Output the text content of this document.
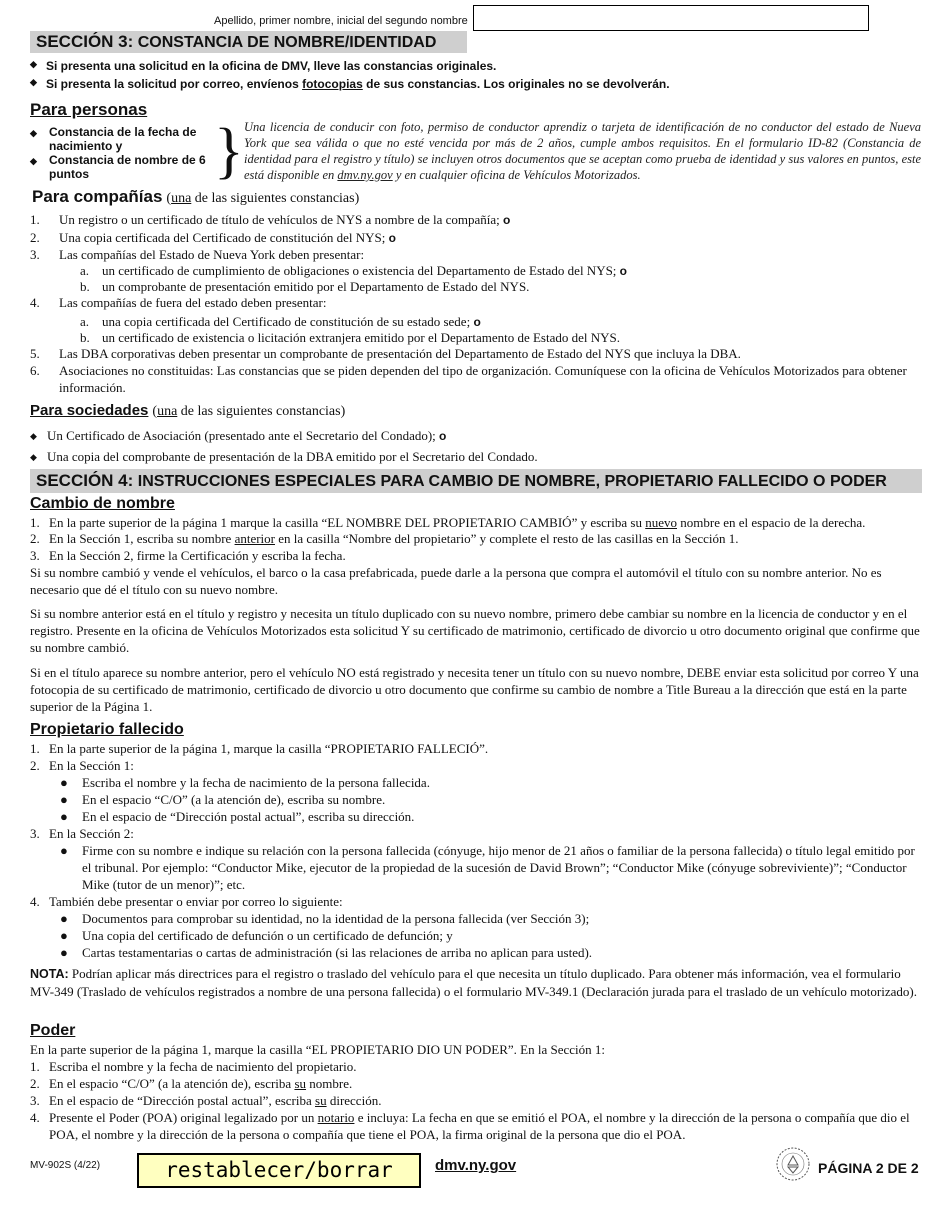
Apellido, primer nombre, inicial del segundo nombre
SECCIÓN 3: CONSTANCIA DE NOMBRE/IDENTIDAD
◆ Si presenta una solicitud en la oficina de DMV, lleve las constancias originales.
◆ Si presenta la solicitud por correo, envíenos fotocopias de sus constancias. Los originales no se devolverán.
Para personas
◆	Constancia de la fecha de nacimiento y
◆	Constancia de nombre de 6 puntos	} Una licencia de conducir con foto, permiso de conductor aprendiz o tarjeta de identificación de no conductor del estado de Nueva York que sea válida o que no esté vencida por más de 2 años, cumple ambos requisitos. En el formulario ID-82 (Constancia de identidad para el registro y título) se incluyen otros documentos que se aceptan como prueba de identidad y sus valores en puntos, este está disponible en dmv.ny.gov y en cualquier oficina de Vehículos Motorizados.
Para compañías (una de las siguientes constancias)
1.	Un registro o un certificado de título de vehículos de NYS a nombre de la compañía; o
2.	Una copia certificada del Certificado de constitución del NYS; o
3.	Las compañías del Estado de Nueva York deben presentar:
a. un certificado de cumplimiento de obligaciones o existencia del Departamento de Estado del NYS; o
b. un comprobante de presentación emitido por el Departamento de Estado del NYS.
4.	Las compañías de fuera del estado deben presentar:
a. una copia certificada del Certificado de constitución de su estado sede; o
b. un certificado de existencia o licitación extranjera emitido por el Departamento de Estado del NYS.
5.	Las DBA corporativas deben presentar un comprobante de presentación del Departamento de Estado del NYS que incluya la DBA.
6.	Asociaciones no constituidas: Las constancias que se piden dependen del tipo de organización. Comuníquese con la oficina de Vehículos Motorizados para obtener información.
Para sociedades (una de las siguientes constancias)
◆ Un Certificado de Asociación (presentado ante el Secretario del Condado); o
◆ Una copia del comprobante de presentación de la DBA emitido por el Secretario del Condado.
SECCIÓN 4: INSTRUCCIONES ESPECIALES PARA CAMBIO DE NOMBRE, PROPIETARIO FALLECIDO O PODER
Cambio de nombre
1. En la parte superior de la página 1 marque la casilla “EL NOMBRE DEL PROPIETARIO CAMBIÓ” y escriba su nuevo nombre en el espacio de la derecha.
2. En la Sección 1, escriba su nombre anterior en la casilla “Nombre del propietario” y complete el resto de las casillas en la Sección 1.
3. En la Sección 2, firme la Certificación y escriba la fecha.
Si su nombre cambió y vende el vehículos, el barco o la casa prefabricada, puede darle a la persona que compra el automóvil el título con su nombre anterior. No es necesario que dé el título con su nuevo nombre.
Si su nombre anterior está en el título y registro y necesita un título duplicado con su nuevo nombre, primero debe cambiar su nombre en la licencia de conductor y en el registro. Presente en la oficina de Vehículos Motorizados esta solicitud Y su certificado de matrimonio, certificado de divorcio u otro documento original que confirme que su nombre cambió.
Si en el título aparece su nombre anterior, pero el vehículo NO está registrado y necesita tener un título con su nuevo nombre, DEBE enviar esta solicitud por correo Y una fotocopia de su certificado de matrimonio, certificado de divorcio u otro documento que confirme su cambio de nombre a Title Bureau a la dirección que está en la parte superior de la Página 1.
Propietario fallecido
1. En la parte superior de la página 1, marque la casilla “PROPIETARIO FALLECIÓ”.
2. En la Sección 1:
●	Escriba el nombre y la fecha de nacimiento de la persona fallecida.
●	En el espacio “C/O” (a la atención de), escriba su nombre.
●	En el espacio de “Dirección postal actual”, escriba su dirección.
3. En la Sección 2:
●	Firme con su nombre e indique su relación con la persona fallecida (cónyuge, hijo menor de 21 años o familiar de la persona fallecida) o título legal emitido por el tribunal. Por ejemplo: “Conductor Mike, ejecutor de la propiedad de la sucesión de David Brown”; “Conductor Mike (cónyuge sobreviviente)”; “Conductor Mike (tutor de un menor)”; etc.
4. También debe presentar o enviar por correo lo siguiente:
●	Documentos para comprobar su identidad, no la identidad de la persona fallecida (ver Sección 3);
●	Una copia del certificado de defunción o un certificado de defunción; y
●	Cartas testamentarias o cartas de administración (si las relaciones de arriba no aplican para usted).
NOTA: Podrían aplicar más directrices para el registro o traslado del vehículo para el que necesita un título duplicado. Para obtener más información, vea el formulario MV-349 (Traslado de vehículos registrados a nombre de una persona fallecida) o el formulario MV-349.1 (Declaración jurada para el traslado de un vehículo motorizado).
Poder
En la parte superior de la página 1, marque la casilla “EL PROPIETARIO DIO UN PODER”. En la Sección 1:
1. Escriba el nombre y la fecha de nacimiento del propietario.
2. En el espacio “C/O” (a la atención de), escriba su nombre.
3. En el espacio de “Dirección postal actual”, escriba su dirección.
4. Presente el Poder (POA) original legalizado por un notario e incluya: La fecha en que se emitió el POA, el nombre y la dirección de la persona o compañía que dio el POA, el nombre y la dirección de la persona o compañía que tiene el POA, la firma original de la persona que dio el POA.
MV-902S (4/22)	restablecer/borrar	dmv.ny.gov	PÁGINA 2 DE 2
